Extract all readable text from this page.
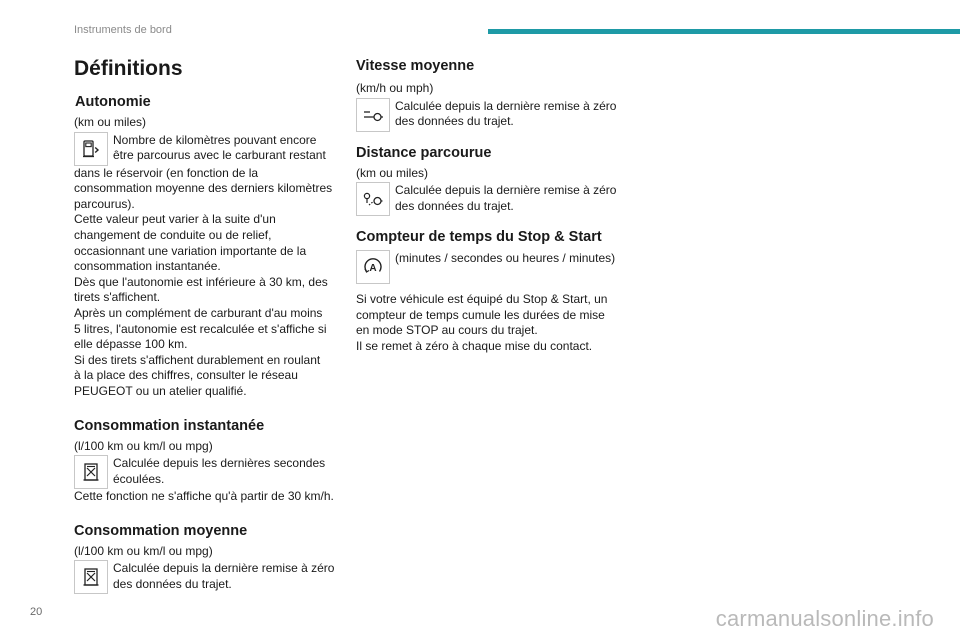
Instruments de bord
Définitions
Autonomie
(km ou miles)
Nombre de kilomètres pouvant encore
être parcourus avec le carburant restant
dans le réservoir (en fonction de la
consommation moyenne des derniers kilomètres
parcourus).
Cette valeur peut varier à la suite d'un
changement de conduite ou de relief,
occasionnant une variation importante de la
consommation instantanée.
Dès que l'autonomie est inférieure à 30 km, des
tirets s'affichent.
Après un complément de carburant d'au moins
5 litres, l'autonomie est recalculée et s'affiche si
elle dépasse 100 km.
Si des tirets s'affichent durablement en roulant
à la place des chiffres, consulter le réseau
PEUGEOT ou un atelier qualifié.
Consommation instantanée
(l/100 km ou km/l ou mpg)
Calculée depuis les dernières secondes
écoulées.
Cette fonction ne s'affiche qu'à partir de 30 km/h.
Consommation moyenne
(l/100 km ou km/l ou mpg)
Calculée depuis la dernière remise à zéro
des données du trajet.
Vitesse moyenne
(km/h ou mph)
Calculée depuis la dernière remise à zéro
des données du trajet.
Distance parcourue
(km ou miles)
Calculée depuis la dernière remise à zéro
des données du trajet.
Compteur de temps du Stop & Start
A
(minutes / secondes ou heures / minutes)
Si votre véhicule est équipé du Stop & Start, un
compteur de temps cumule les durées de mise
en mode STOP au cours du trajet.
Il se remet à zéro à chaque mise du contact.
20	carmanualsonline.info
